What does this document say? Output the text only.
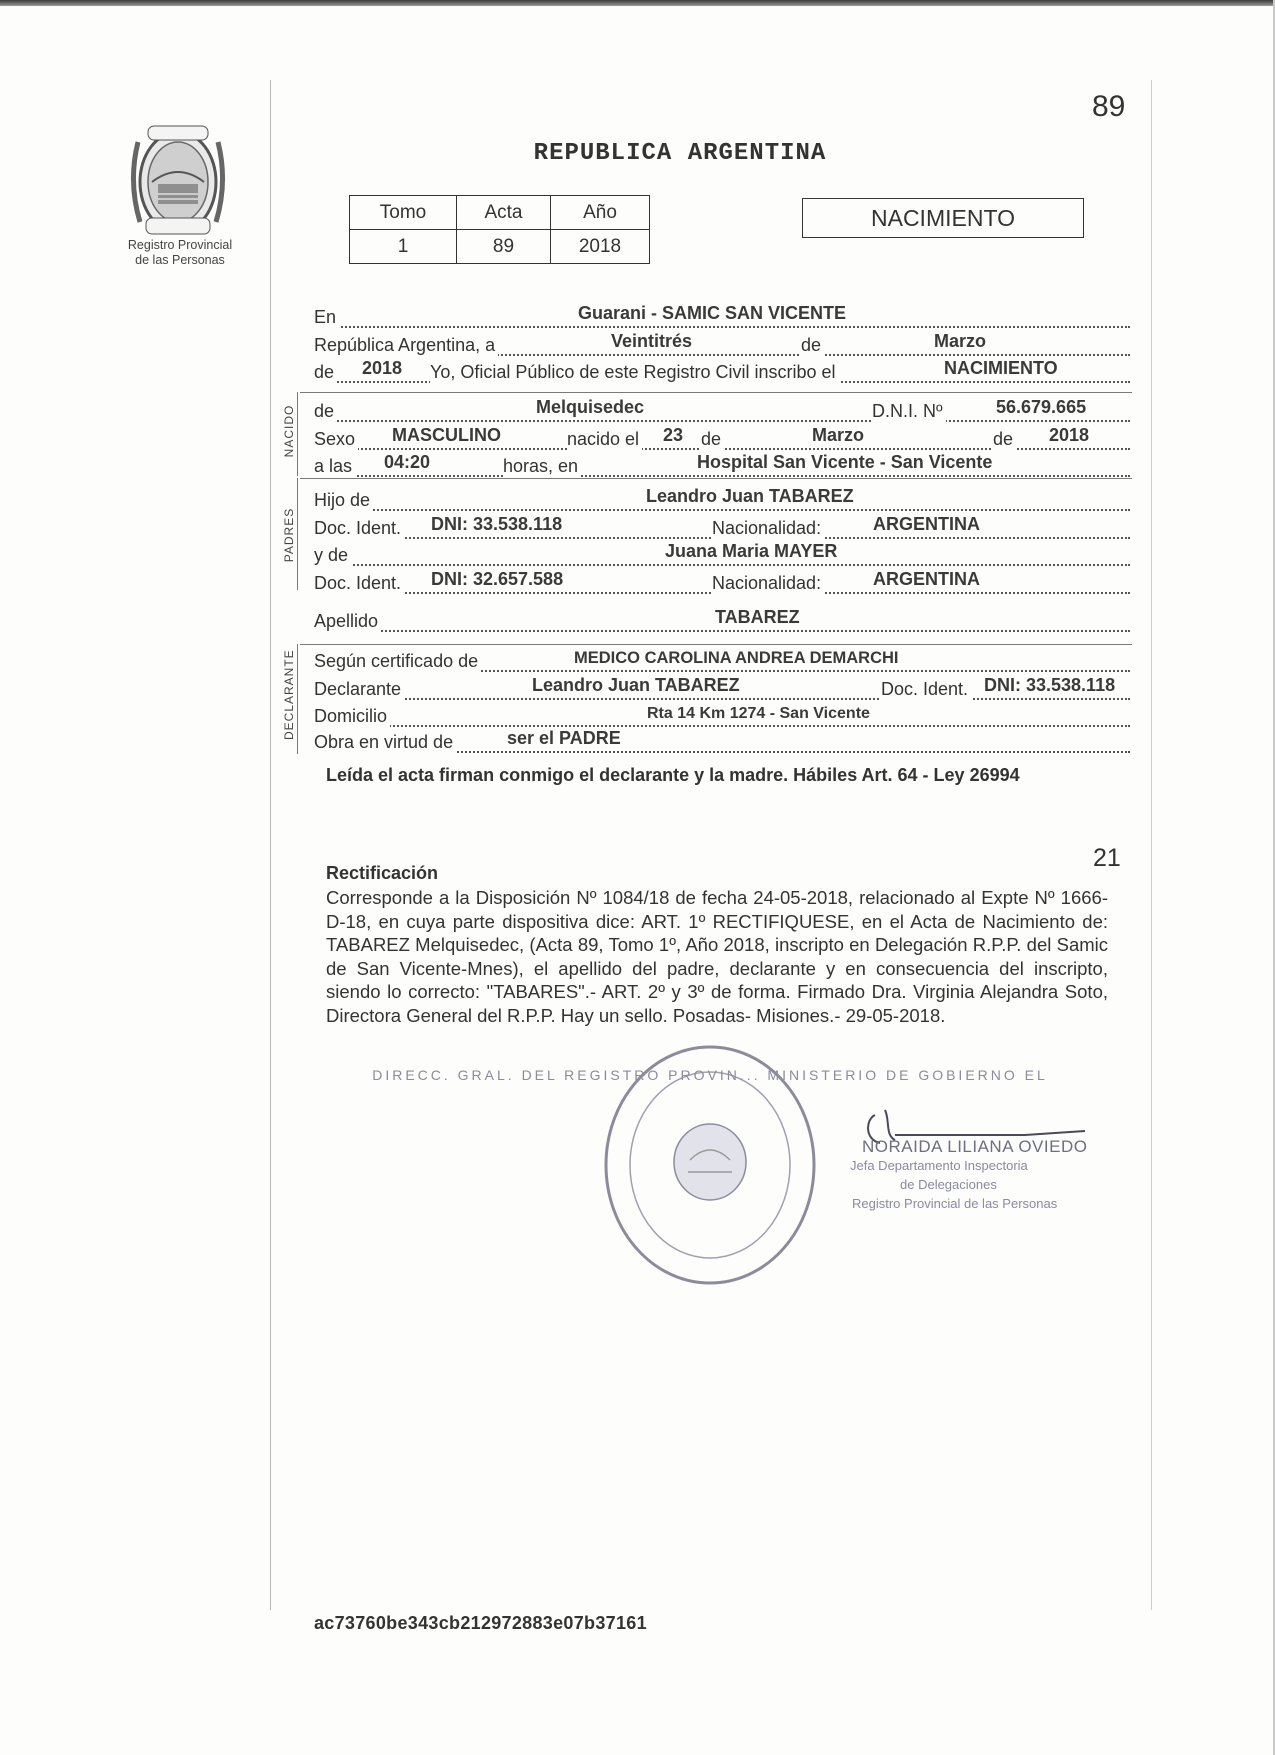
Registro Provincial
de las Personas
89
REPUBLICA ARGENTINA
Tomo	Acta	Año
1	89	2018
NACIMIENTO
En	Guarani - SAMIC SAN VICENTE
República Argentina, a	Veintitrés	de	Marzo
de 2018 Yo, Oficial Público de este Registro Civil inscribo el	NACIMIENTO
NACIDO de	Melquisedec	D.N.I. Nº	56.679.665
Sexo MASCULINO	nacido el 23 de	Marzo	de 2018
a las 04:20	horas, en	Hospital San Vicente - San Vicente
PADRES
Hijo de	Leandro Juan TABAREZ
Doc. Ident. DNI: 33.538.118	Nacionalidad:	ARGENTINA
y de	Juana Maria MAYER
Doc. Ident. DNI: 32.657.588	Nacionalidad:	ARGENTINA
Apellido	TABAREZ
DECLARANTE Según certificado de	MEDICO CAROLINA ANDREA DEMARCHI
Declarante	Leandro Juan TABAREZ	Doc. Ident. DNI: 33.538.118
Domicilio	Rta 14 Km 1274 - San Vicente
Obra en virtud de	ser el PADRE
Leída el acta firman conmigo el declarante y la madre. Hábiles Art. 64 - Ley 26994
21
Rectificación
Corresponde a la Disposición Nº 1084/18 de fecha 24-05-2018, relacionado al Expte Nº 1666-D-18, en cuya parte dispositiva dice: ART. 1º RECTIFIQUESE, en el Acta de Nacimiento de: TABAREZ Melquisedec, (Acta 89, Tomo 1º, Año 2018, inscripto en Delegación R.P.P. del Samic de San Vicente-Mnes), el apellido del padre, declarante y en consecuencia del inscripto, siendo lo correcto: "TABARES".- ART. 2º y 3º de forma. Firmado Dra. Virginia Alejandra Soto, Directora General del R.P.P. Hay un sello. Posadas- Misiones.- 29-05-2018.
DIRECC. GRAL. DEL REGISTRO PROVIN... MINISTERIO DE GOBIERNO EL
NORAIDA LILIANA OVIEDO
Jefa Departamento Inspectoria
de Delegaciones
Registro Provincial de las Personas
ac73760be343cb212972883e07b37161
